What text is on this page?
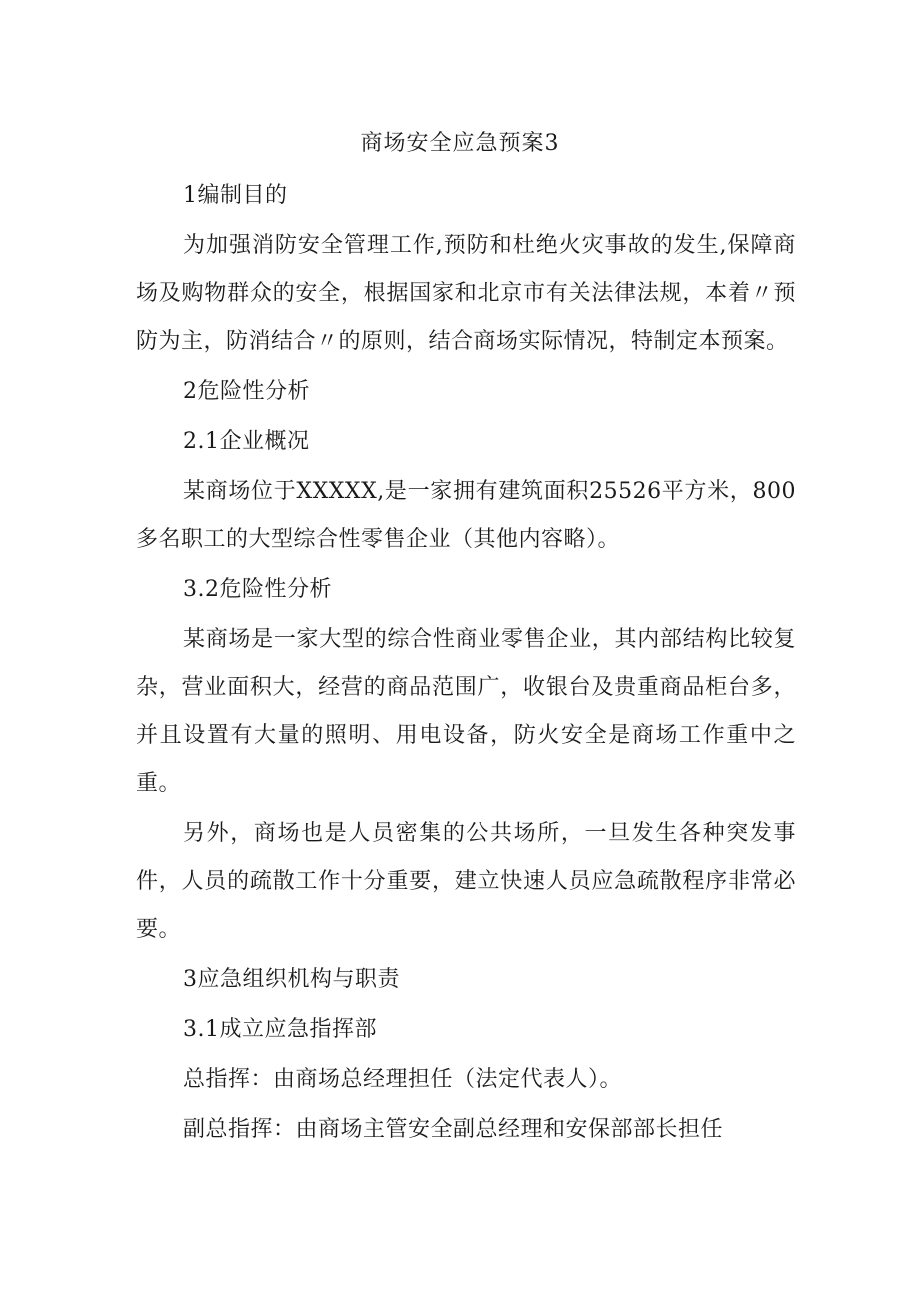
商场安全应急预案3
1编制目的
为加强消防安全管理工作,预防和杜绝火灾事故的发生,保障商场及购物群众的安全，根据国家和北京市有关法律法规，本着〃预防为主，防消结合〃的原则，结合商场实际情况，特制定本预案。
2危险性分析
2.1企业概况
某商场位于XXXXX,是一家拥有建筑面积25526平方米，800多名职工的大型综合性零售企业（其他内容略）。
3.2危险性分析
某商场是一家大型的综合性商业零售企业，其内部结构比较复杂，营业面积大，经营的商品范围广，收银台及贵重商品柜台多，并且设置有大量的照明、用电设备，防火安全是商场工作重中之重。
另外，商场也是人员密集的公共场所，一旦发生各种突发事件，人员的疏散工作十分重要，建立快速人员应急疏散程序非常必要。
3应急组织机构与职责
3.1成立应急指挥部
总指挥：由商场总经理担任（法定代表人）。
副总指挥：由商场主管安全副总经理和安保部部长担任
